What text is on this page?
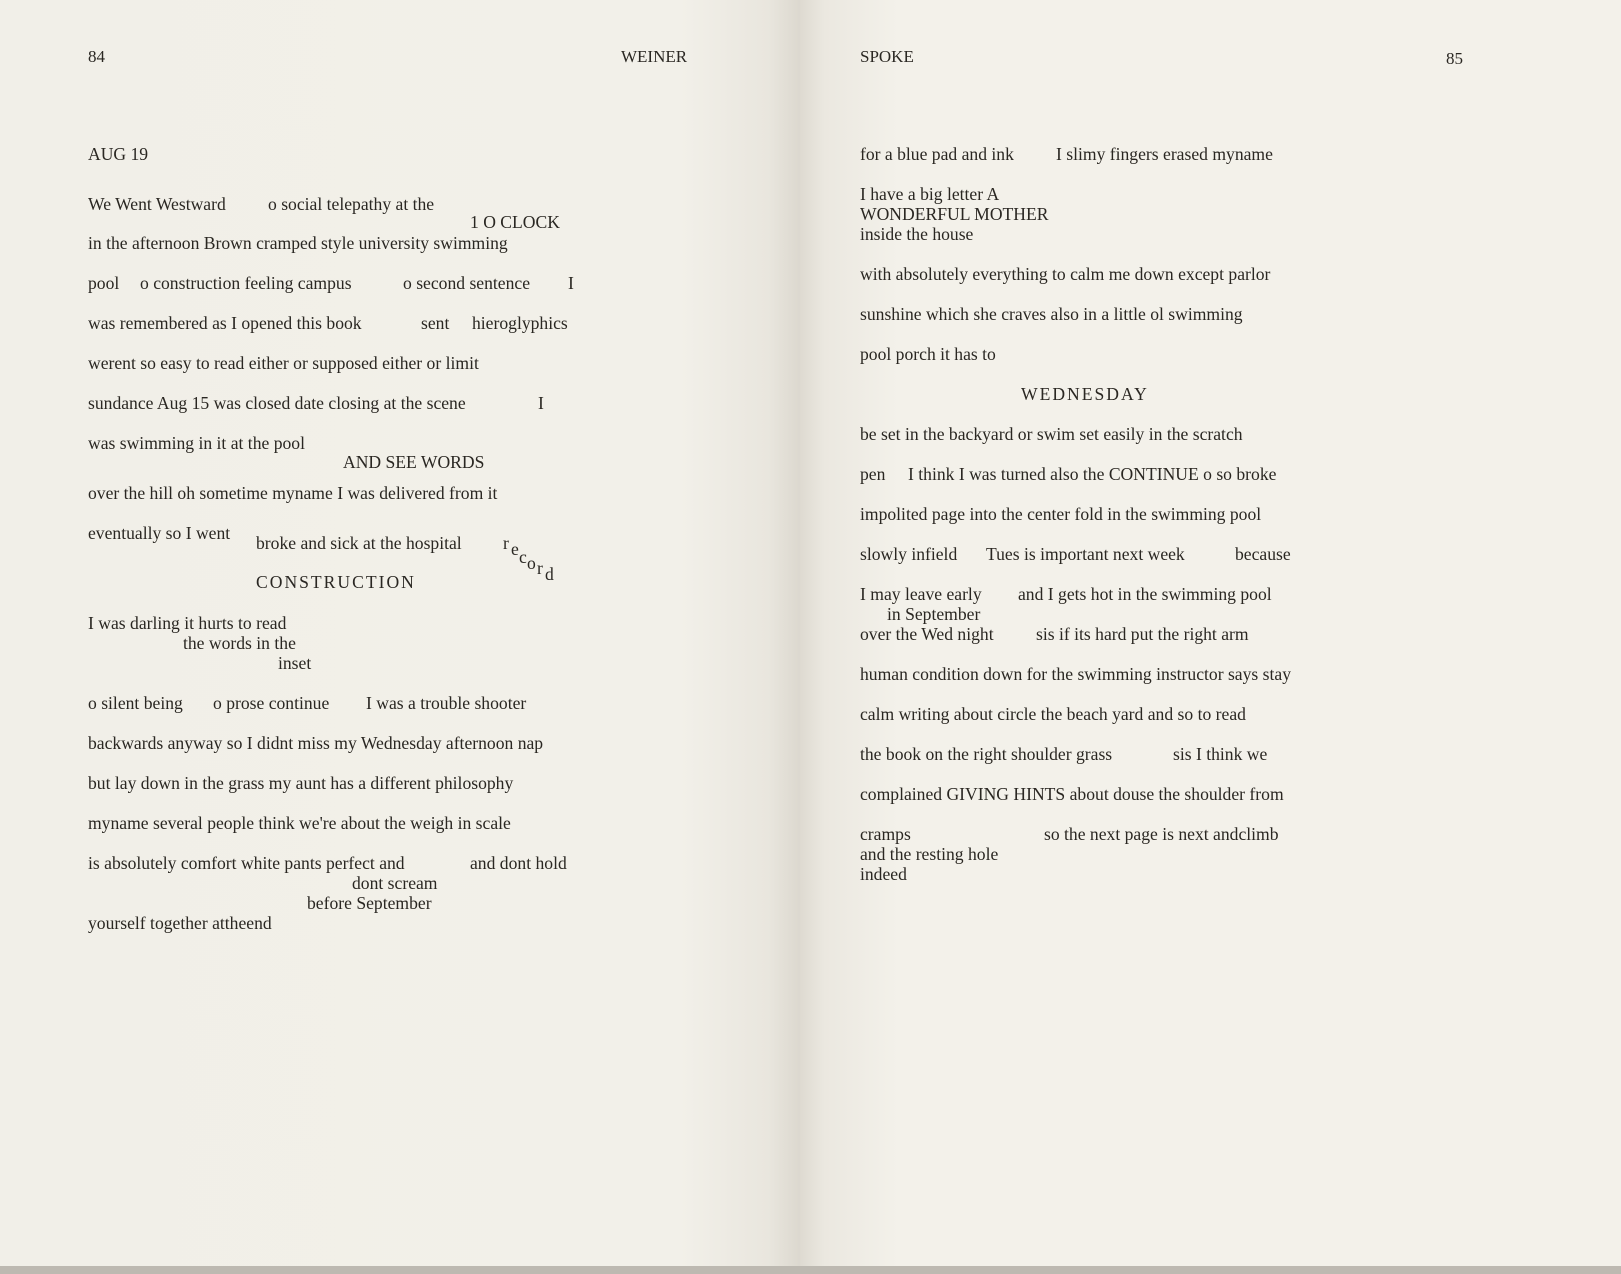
84	WEINER
AUG 19
We Went Westward o social telepathy at the
1 O CLOCK
in the afternoon Brown cramped style university swimming
pool o construction feeling campus	o second sentence I
was remembered as I opened this book	sent hieroglyphics
werent so easy to read either or supposed either or limit
sundance Aug 15 was closed date closing at the scene	I
was swimming in it at the pool
AND SEE WORDS
over the hill oh sometime myname I was delivered from it
eventually so I went broke and sick at the hospital r e c o r d
CONSTRUCTION
I was darling it hurts to read
the words in the
inset
o silent being o prose continue I was a trouble shooter
backwards anyway so I didnt miss my Wednesday afternoon nap
but lay down in the grass my aunt has a different philosophy
myname several people think we're about the weigh in scale
is absolutely comfort white pants perfect and	and dont hold
dont scream
before September
yourself together attheend
SPOKE	85
for a blue pad and ink I slimy fingers erased myname
I have a big letter A
WONDERFUL MOTHER
inside the house
with absolutely everything to calm me down except parlor
sunshine which she craves also in a little ol swimming
pool porch it has to
WEDNESDAY
be set in the backyard or swim set easily in the scratch
pen I think I was turned also the CONTINUE o so broke
impolited page into the center fold in the swimming pool
slowly infield Tues is important next week	because
I may leave early and I gets hot in the swimming pool
in September
over the Wed night sis if its hard put the right arm
human condition down for the swimming instructor says stay
calm writing about circle the beach yard and so to read
the book on the right shoulder grass	sis I think we
complained GIVING HINTS about douse the shoulder from
cramps	so the next page is next andclimb
and the resting hole
indeed
